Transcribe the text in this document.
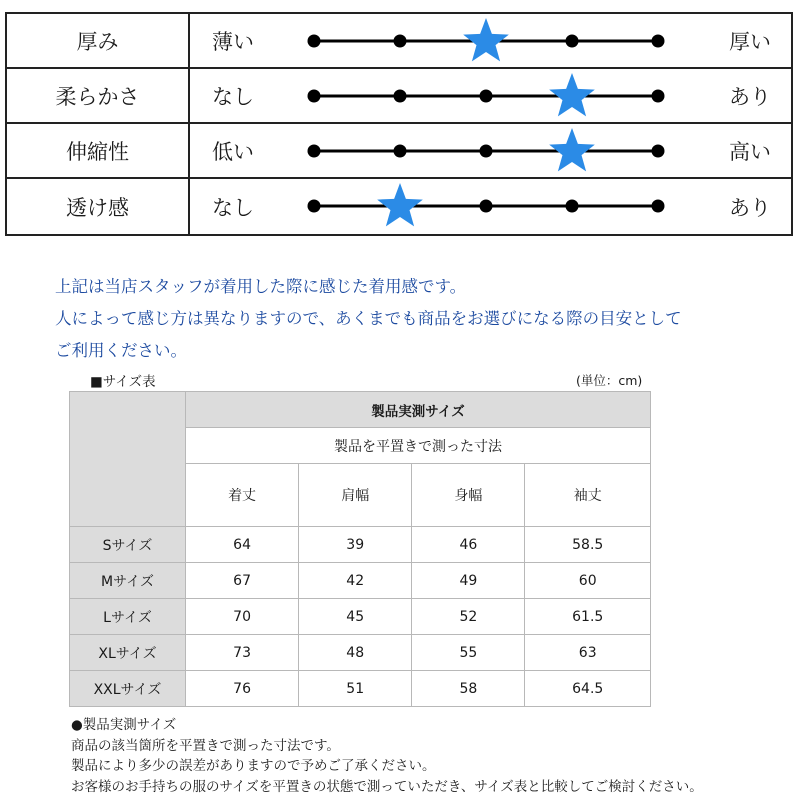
厚み	薄い	厚い
柔らかさ	なし	あり
伸縮性	低い	高い
透け感	なし	あり
上記は当店スタッフが着用した際に感じた着用感です。
人によって感じ方は異なりますので、あくまでも商品をお選びになる際の目安として
ご利用ください。
■サイズ表	(単位：cm)
	製品実測サイズ			
	製品を平置きで測った寸法			
	着丈	肩幅	身幅	袖丈
Sサイズ	64	39	46	58.5
Mサイズ	67	42	49	60
Lサイズ	70	45	52	61.5
XLサイズ	73	48	55	63
XXLサイズ	76	51	58	64.5
●製品実測サイズ
商品の該当箇所を平置きで測った寸法です。
製品により多少の誤差がありますので予めご了承ください。
お客様のお手持ちの服のサイズを平置きの状態で測っていただき、サイズ表と比較してご検討ください。
